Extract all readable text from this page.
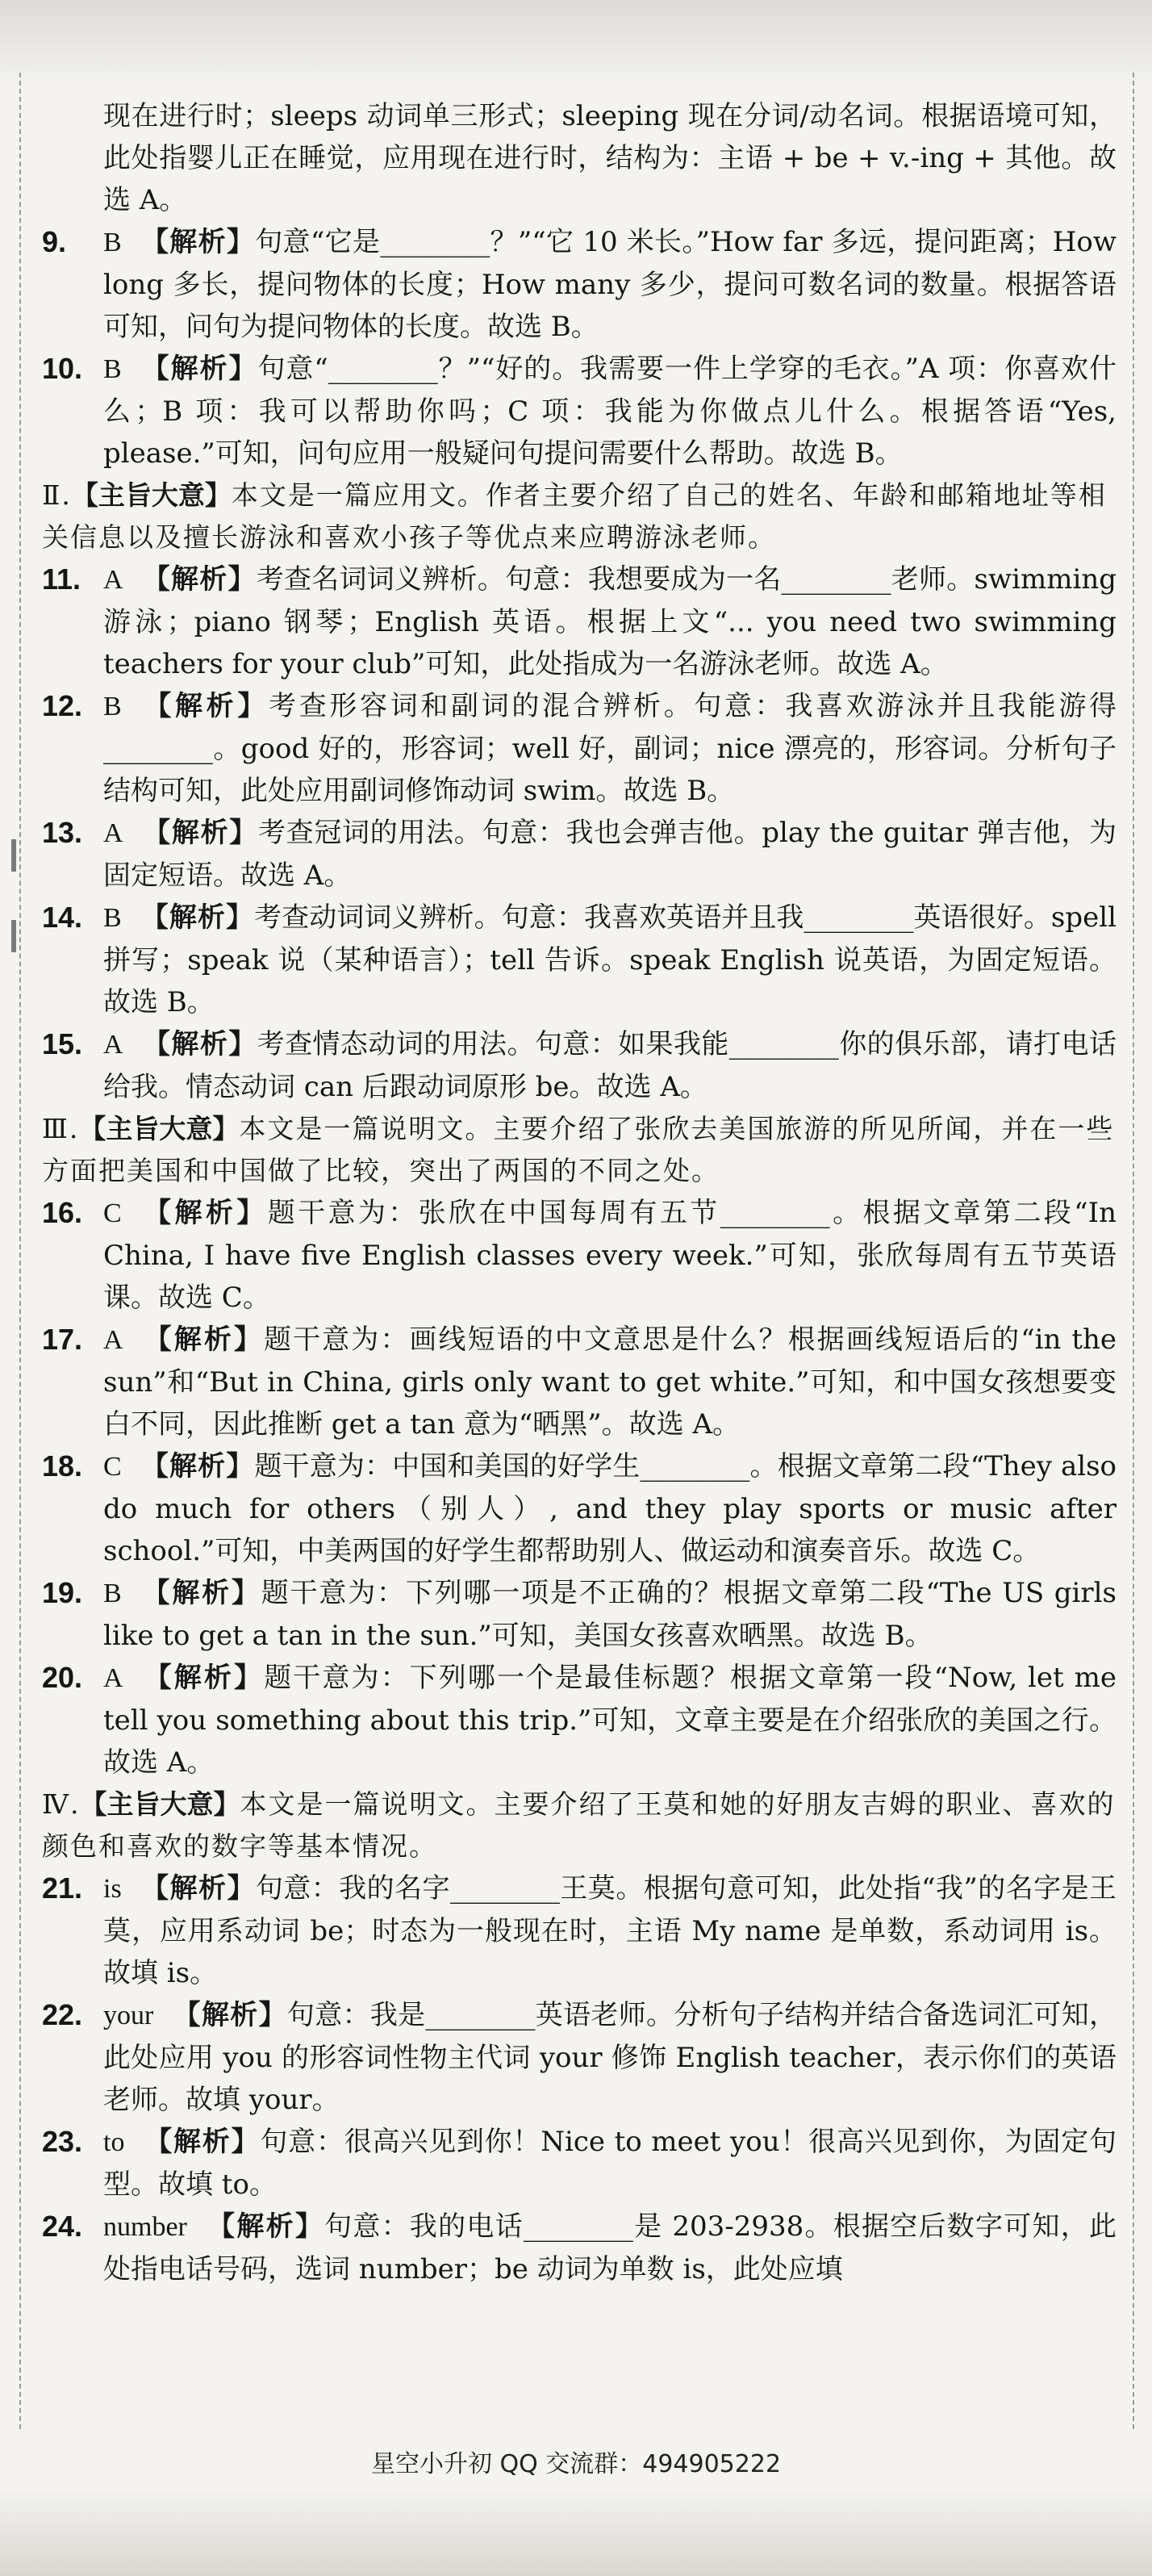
现在进行时；sleeps 动词单三形式；sleeping 现在分词/动名词。根据语境可知，此处指婴儿正在睡觉，应用现在进行时，结构为：主语 + be + v.-ing + 其他。故选 A。
9.	B 【解析】句意“它是________？”“它 10 米长。”How far 多远，提问距离；How long 多长，提问物体的长度；How many 多少，提问可数名词的数量。根据答语可知，问句为提问物体的长度。故选 B。
10. B 【解析】句意“________？”“好的。我需要一件上学穿的毛衣。”A 项：你喜欢什么；B 项：我可以帮助你吗；C 项：我能为你做点儿什么。根据答语“Yes, please.”可知，问句应用一般疑问句提问需要什么帮助。故选 B。
Ⅱ.【主旨大意】本文是一篇应用文。作者主要介绍了自己的姓名、年龄和邮箱地址等相关信息以及擅长游泳和喜欢小孩子等优点来应聘游泳老师。
11. A 【解析】考查名词词义辨析。句意：我想要成为一名________老师。swimming 游泳；piano 钢琴；English 英语。根据上文“... you need two swimming teachers for your club”可知，此处指成为一名游泳老师。故选 A。
12. B 【解析】考查形容词和副词的混合辨析。句意：我喜欢游泳并且我能游得________。good 好的，形容词；well 好，副词；nice 漂亮的，形容词。分析句子结构可知，此处应用副词修饰动词 swim。故选 B。
13. A 【解析】考查冠词的用法。句意：我也会弹吉他。play the guitar 弹吉他，为固定短语。故选 A。
14. B 【解析】考查动词词义辨析。句意：我喜欢英语并且我________英语很好。spell 拼写；speak 说（某种语言）；tell 告诉。speak English 说英语，为固定短语。故选 B。
15. A 【解析】考查情态动词的用法。句意：如果我能________你的俱乐部，请打电话给我。情态动词 can 后跟动词原形 be。故选 A。
Ⅲ.【主旨大意】本文是一篇说明文。主要介绍了张欣去美国旅游的所见所闻，并在一些方面把美国和中国做了比较，突出了两国的不同之处。
16. C 【解析】题干意为：张欣在中国每周有五节________。根据文章第二段“In China, I have five English classes every week.”可知，张欣每周有五节英语课。故选 C。
17. A 【解析】题干意为：画线短语的中文意思是什么？根据画线短语后的“in the sun”和“But in China, girls only want to get white.”可知，和中国女孩想要变白不同，因此推断 get a tan 意为“晒黑”。故选 A。
18. C 【解析】题干意为：中国和美国的好学生________。根据文章第二段“They also do much for others（别人）, and they play sports or music after school.”可知，中美两国的好学生都帮助别人、做运动和演奏音乐。故选 C。
19. B 【解析】题干意为：下列哪一项是不正确的？根据文章第二段“The US girls like to get a tan in the sun.”可知，美国女孩喜欢晒黑。故选 B。
20. A 【解析】题干意为：下列哪一个是最佳标题？根据文章第一段“Now, let me tell you something about this trip.”可知，文章主要是在介绍张欣的美国之行。故选 A。
Ⅳ.【主旨大意】本文是一篇说明文。主要介绍了王莫和她的好朋友吉姆的职业、喜欢的颜色和喜欢的数字等基本情况。
21. is 【解析】句意：我的名字________王莫。根据句意可知，此处指“我”的名字是王莫，应用系动词 be；时态为一般现在时，主语 My name 是单数，系动词用 is。故填 is。
22. your 【解析】句意：我是________英语老师。分析句子结构并结合备选词汇可知，此处应用 you 的形容词性物主代词 your 修饰 English teacher，表示你们的英语老师。故填 your。
23. to 【解析】句意：很高兴见到你！Nice to meet you！很高兴见到你，为固定句型。故填 to。
24. number 【解析】句意：我的电话________是 203-2938。根据空后数字可知，此处指电话号码，选词 number；be 动词为单数 is，此处应填
星空小升初 QQ 交流群：494905222
